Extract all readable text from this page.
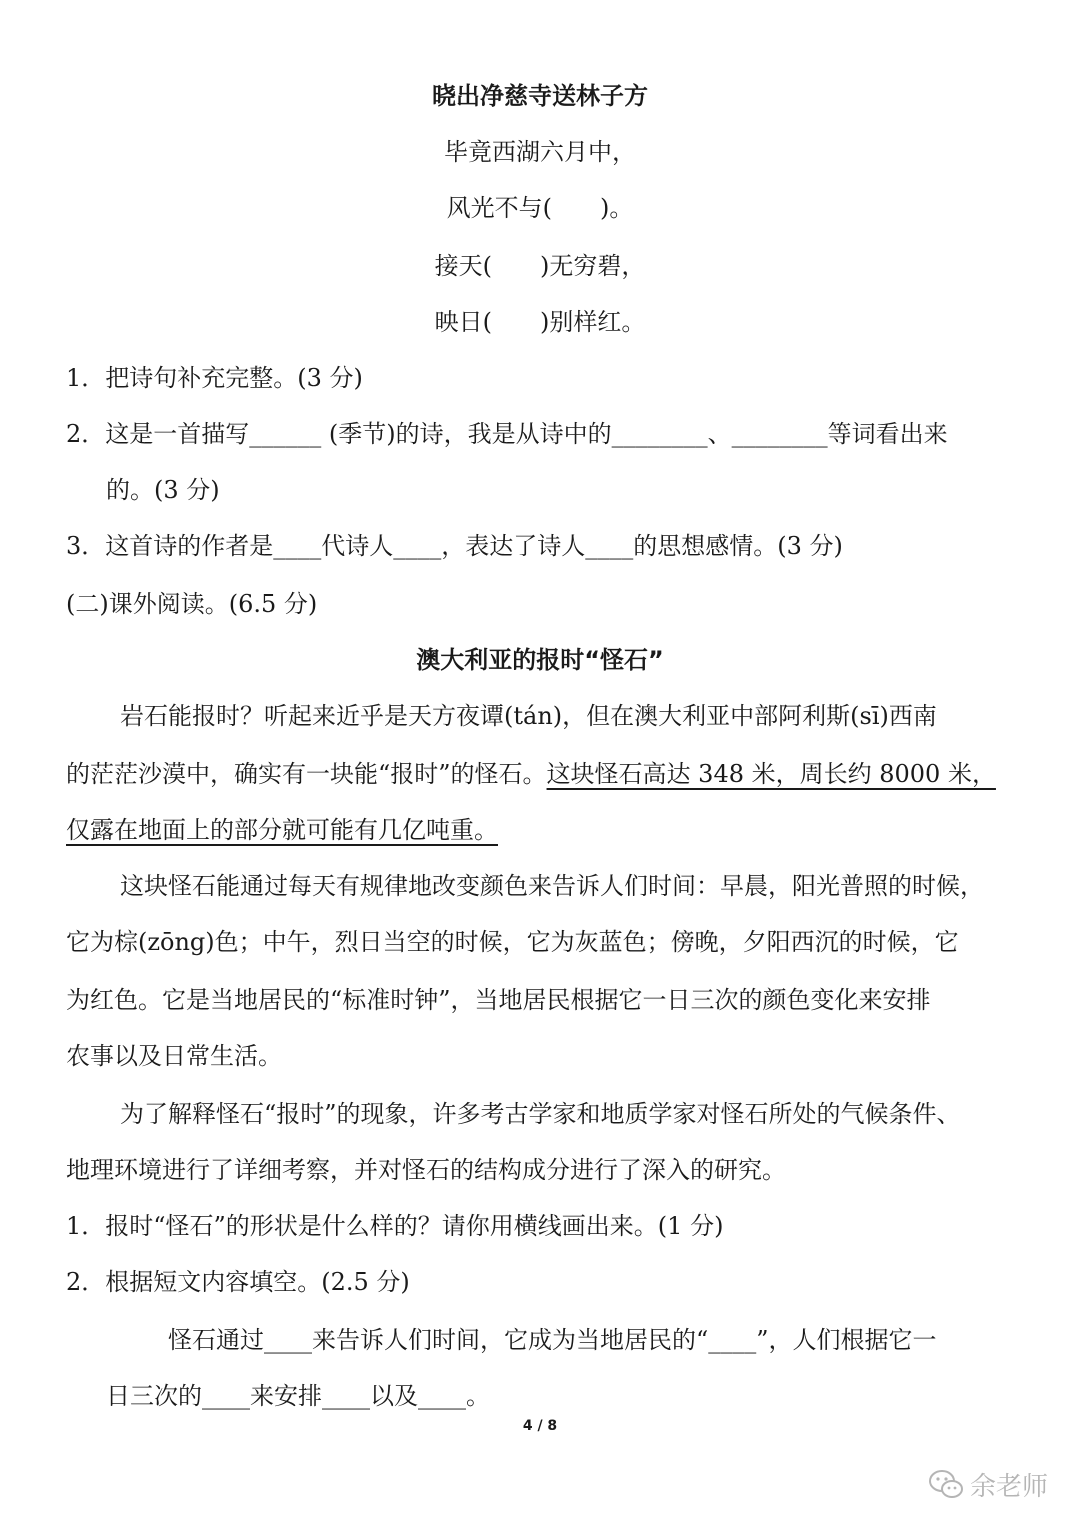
晓出净慈寺送林子方
毕竟西湖六月中，
风光不与(　　)。
接天(　　)无穷碧，
映日(　　)别样红。
1．把诗句补充完整。(3 分)
2．这是一首描写______ (季节)的诗，我是从诗中的________、________等词看出来
的。(3 分)
3．这首诗的作者是____代诗人____，表达了诗人____的思想感情。(3 分)
(二)课外阅读。(6.5 分)
澳大利亚的报时“怪石”
岩石能报时？听起来近乎是天方夜谭(tán)，但在澳大利亚中部阿利斯(sī)西南
的茫茫沙漠中，确实有一块能“报时”的怪石。这块怪石高达 348 米，周长约 8000 米，
仅露在地面上的部分就可能有几亿吨重。
这块怪石能通过每天有规律地改变颜色来告诉人们时间：早晨，阳光普照的时候，
它为棕(zōng)色；中午，烈日当空的时候，它为灰蓝色；傍晚，夕阳西沉的时候，它
为红色。它是当地居民的“标准时钟”，当地居民根据它一日三次的颜色变化来安排
农事以及日常生活。
为了解释怪石“报时”的现象，许多考古学家和地质学家对怪石所处的气候条件、
地理环境进行了详细考察，并对怪石的结构成分进行了深入的研究。
1．报时“怪石”的形状是什么样的？请你用横线画出来。(1 分)
2．根据短文内容填空。(2.5 分)
怪石通过____来告诉人们时间，它成为当地居民的“____”，人们根据它一
日三次的____来安排____以及____。
4 / 8
余老师
